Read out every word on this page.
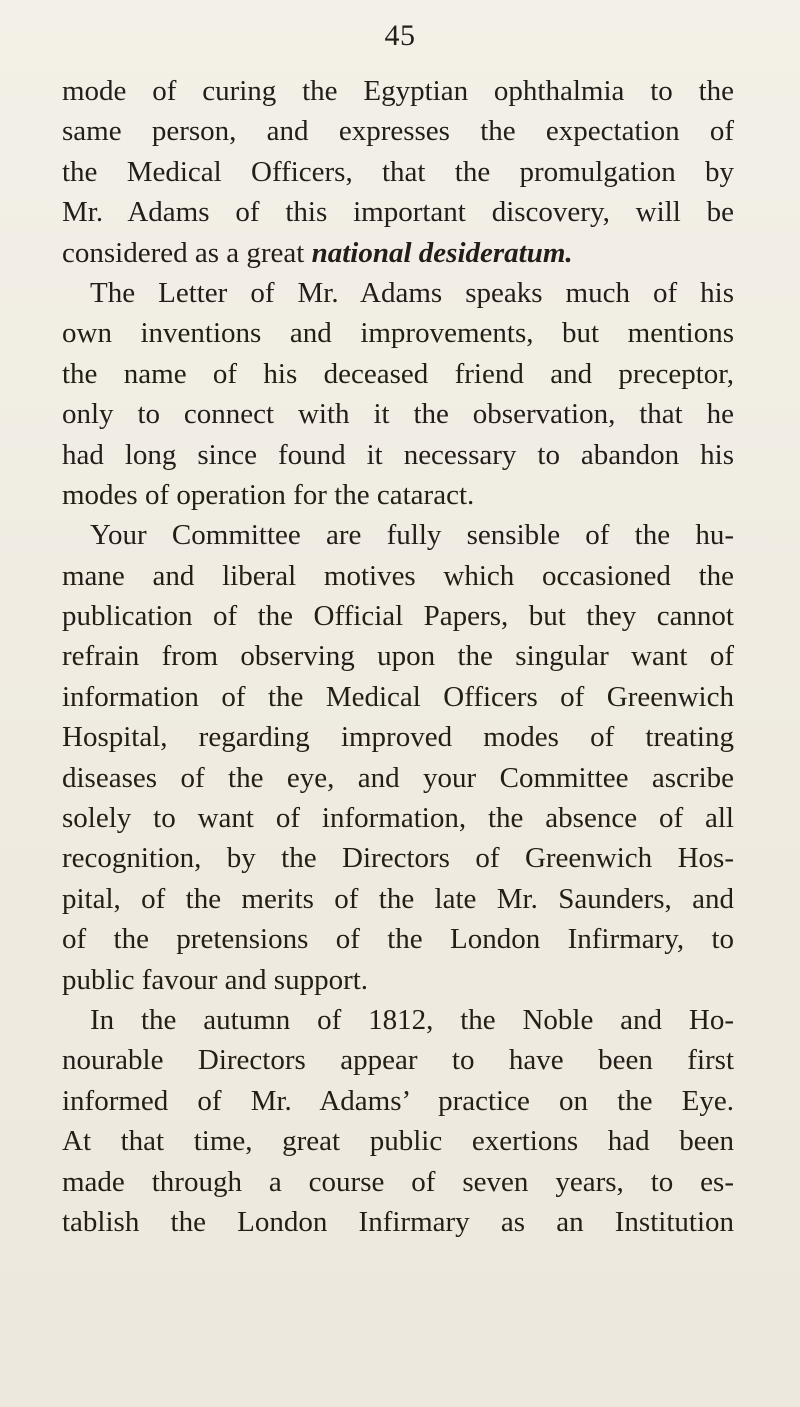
45
mode of curing the Egyptian ophthalmia to the
same person, and expresses the expectation of
the Medical Officers, that the promulgation by
Mr. Adams of this important discovery, will be
considered as a great national desideratum.
The Letter of Mr. Adams speaks much of his
own inventions and improvements, but mentions
the name of his deceased friend and preceptor,
only to connect with it the observation, that he
had long since found it necessary to abandon his
modes of operation for the cataract.
Your Committee are fully sensible of the hu-
mane and liberal motives which occasioned the
publication of the Official Papers, but they cannot
refrain from observing upon the singular want of
information of the Medical Officers of Greenwich
Hospital, regarding improved modes of treating
diseases of the eye, and your Committee ascribe
solely to want of information, the absence of all
recognition, by the Directors of Greenwich Hos-
pital, of the merits of the late Mr. Saunders, and
of the pretensions of the London Infirmary, to
public favour and support.
In the autumn of 1812, the Noble and Ho-
nourable Directors appear to have been first
informed of Mr. Adams’ practice on the Eye.
At that time, great public exertions had been
made through a course of seven years, to es-
tablish the London Infirmary as an Institution
